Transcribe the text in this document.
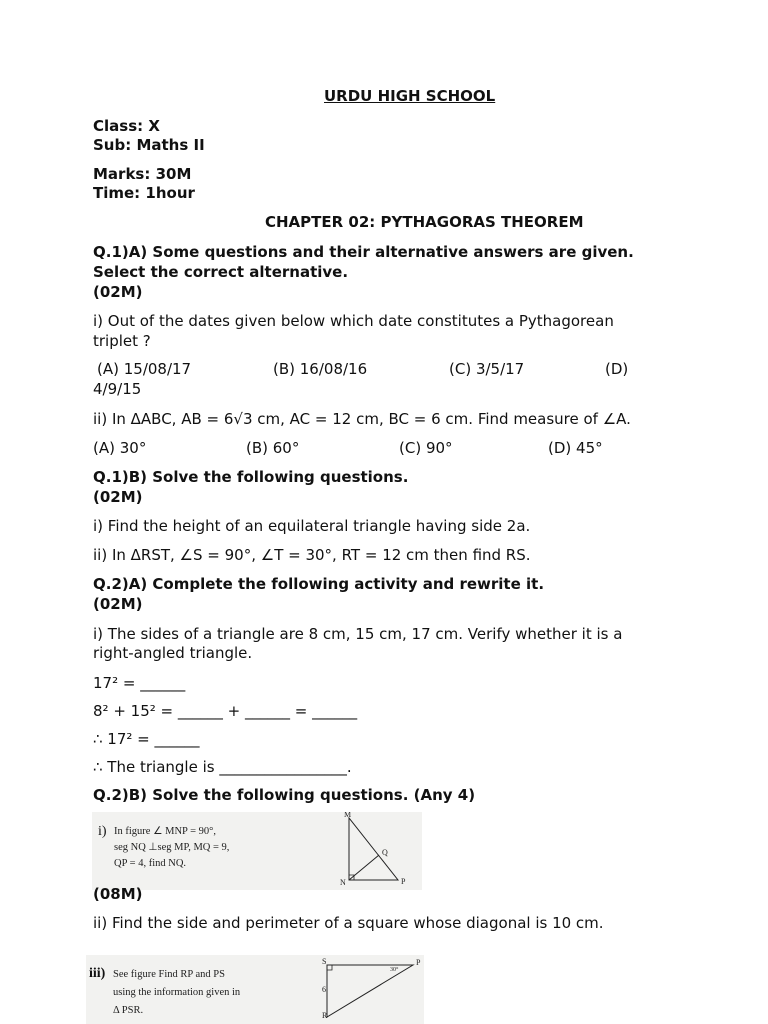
URDU HIGH SCHOOL
Class: X
Sub: Maths II
Marks: 30M
Time: 1hour
CHAPTER 02: PYTHAGORAS THEOREM
Q.1)A) Some questions and their alternative answers are given.
Select the correct alternative.
(02M)
i) Out of the dates given below which date constitutes a Pythagorean
triplet ?
(A) 15/08/17	(B) 16/08/16	(C) 3/5/17	(D)
4/9/15
ii) In ΔABC, AB = 6√3 cm, AC = 12 cm, BC = 6 cm. Find measure of ∠A.
(A) 30°	(B) 60°	(C) 90°	(D) 45°
Q.1)B) Solve the following questions.
(02M)
i) Find the height of an equilateral triangle having side 2a.
ii) In ΔRST, ∠S = 90°, ∠T = 30°, RT = 12 cm then find RS.
Q.2)A) Complete the following activity and rewrite it.
(02M)
i) The sides of a triangle are 8 cm, 15 cm, 17 cm. Verify whether it is a
right-angled triangle.
17² = ______
8² + 15² = ______ + ______ = ______
∴ 17² = ______
∴ The triangle is _________________.
Q.2)B) Solve the following questions. (Any 4)
i) In figure ∠ MNP = 90°,
seg NQ ⊥seg MP, MQ = 9,
QP = 4, find NQ.
M
N	P
Q
(08M)
ii) Find the side and perimeter of a square whose diagonal is 10 cm.
iii) See figure Find RP and PS
using the information given in
Δ PSR.
S	P
R
6
30°
